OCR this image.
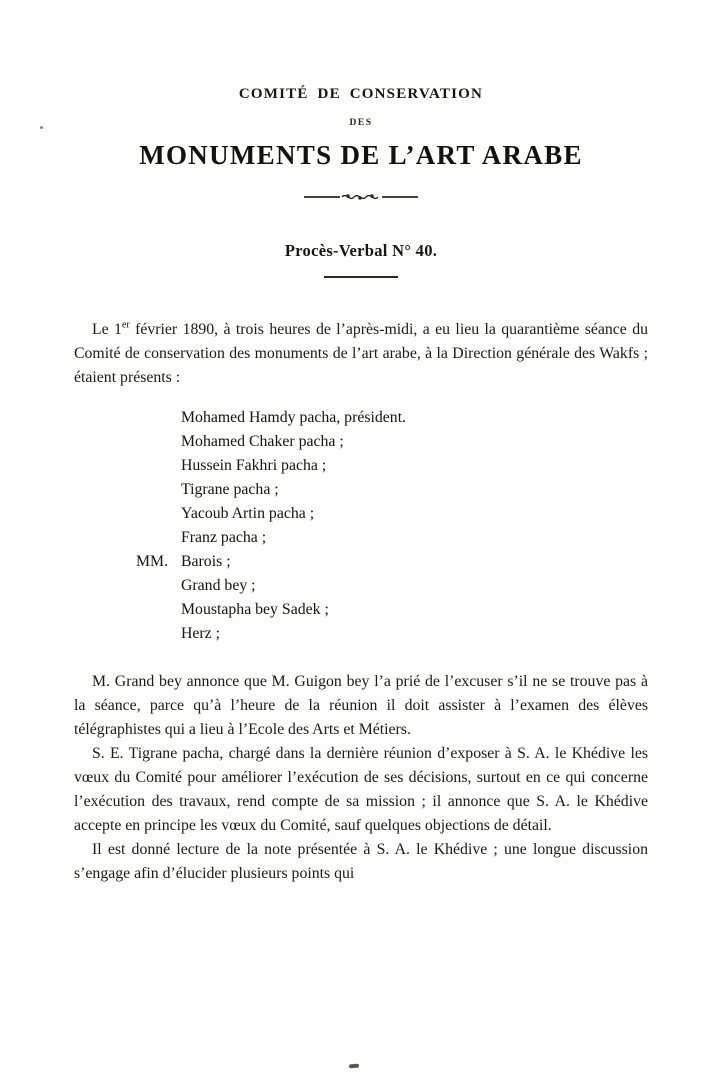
COMITÉ DE CONSERVATION
DES
MONUMENTS DE L’ART ARABE
Procès-Verbal N° 40.

Le 1er février 1890, à trois heures de l’après-midi, a eu lieu la quarantième séance du Comité de conservation des monuments de l’art arabe, à la Direction générale des Wakfs ; étaient présents :

Mohamed Hamdy pacha, président.
Mohamed Chaker pacha ;
Hussein Fakhri pacha ;
Tigrane pacha ;
Yacoub Artin pacha ;
Franz pacha ;
MM. Barois ;
Grand bey ;
Moustapha bey Sadek ;
Herz ;

M. Grand bey annonce que M. Guigon bey l’a prié de l’excuser s’il ne se trouve pas à la séance, parce qu’à l’heure de la réunion il doit assister à l’examen des élèves télégraphistes qui a lieu à l’Ecole des Arts et Métiers.

S. E. Tigrane pacha, chargé dans la dernière réunion d’exposer à S. A. le Khédive les vœux du Comité pour améliorer l’exécution de ses décisions, surtout en ce qui concerne l’exécution des travaux, rend compte de sa mission ; il annonce que S. A. le Khédive accepte en principe les vœux du Comité, sauf quelques objections de détail.

Il est donné lecture de la note présentée à S. A. le Khédive ; une longue discussion s’engage afin d’élucider plusieurs points qui
